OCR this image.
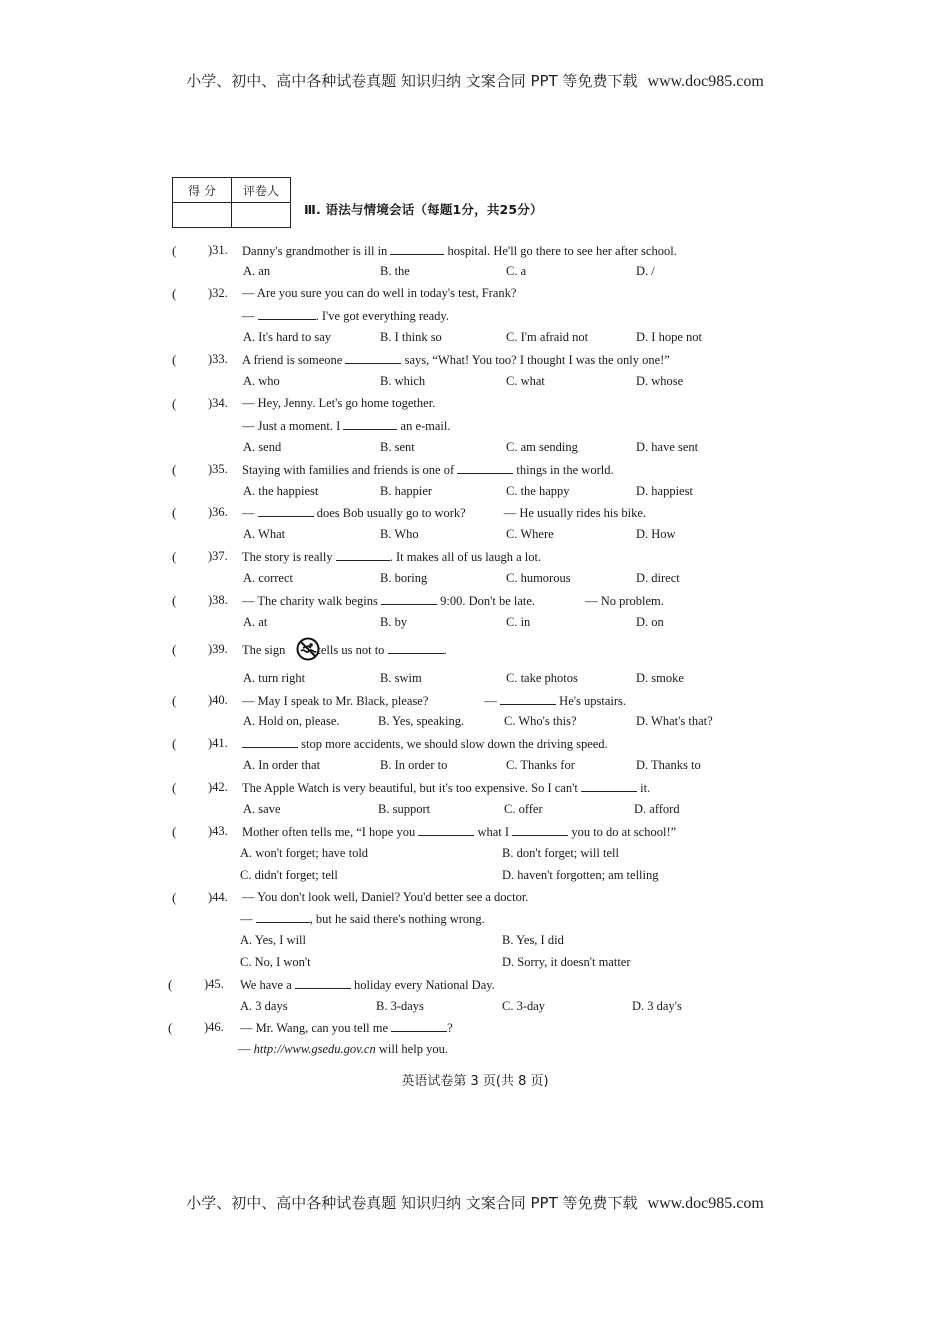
小学、初中、高中各种试卷真题 知识归纳 文案合同 PPT 等免费下载 www.doc985.com
得 分	评卷人

Ⅲ. 语法与情境会话（每题1分，共25分）
(	)31. Danny's grandmother is ill in	hospital. He'll go there to see her after school.
A. an	B. the	C. a	D. /
(	)32. — Are you sure you can do well in today's test, Frank?
—	. I've got everything ready.
A. It's hard to say	B. I think so	C. I'm afraid not	D. I hope not
(	)33. A friend is someone	says, “What! You too? I thought I was the only one!”
A. who	B. which	C. what	D. whose
(	)34. — Hey, Jenny. Let's go home together.
— Just a moment. I	an e-mail.
A. send	B. sent	C. am sending	D. have sent
(	)35. Staying with families and friends is one of	things in the world.
A. the happiest	B. happier	C. the happy	D. happiest
(	)36. —	does Bob usually go to work?	— He usually rides his bike.
A. What	B. Who	C. Where	D. How
(	)37. The story is really	. It makes all of us laugh a lot.
A. correct	B. boring	C. humorous	D. direct
(	)38. — The charity walk begins	9:00. Don't be late.	— No problem.
A. at	B. by	C. in	D. on
(	)39. The sign	tells us not to	.
A. turn right	B. swim	C. take photos	D. smoke
(	)40. — May I speak to Mr. Black, please?	—	He's upstairs.
A. Hold on, please.	B. Yes, speaking.	C. Who's this?	D. What's that?
(	)41.	stop more accidents, we should slow down the driving speed.
A. In order that	B. In order to	C. Thanks for	D. Thanks to
(	)42. The Apple Watch is very beautiful, but it's too expensive. So I can't	it.
A. save	B. support	C. offer	D. afford
(	)43. Mother often tells me, “I hope you	what I	you to do at school!”
A. won't forget; have told	B. don't forget; will tell
C. didn't forget; tell	D. haven't forgotten; am telling
(	)44. — You don't look well, Daniel? You'd better see a doctor.
—	, but he said there's nothing wrong.
A. Yes, I will	B. Yes, I did
C. No, I won't	D. Sorry, it doesn't matter
(	)45. We have a	holiday every National Day.
A. 3 days	B. 3-days	C. 3-day	D. 3 day's
(	)46. — Mr. Wang, can you tell me	?
— http://www.gsedu.gov.cn will help you.
英语试卷第 3 页(共 8 页)
小学、初中、高中各种试卷真题 知识归纳 文案合同 PPT 等免费下载 www.doc985.com
